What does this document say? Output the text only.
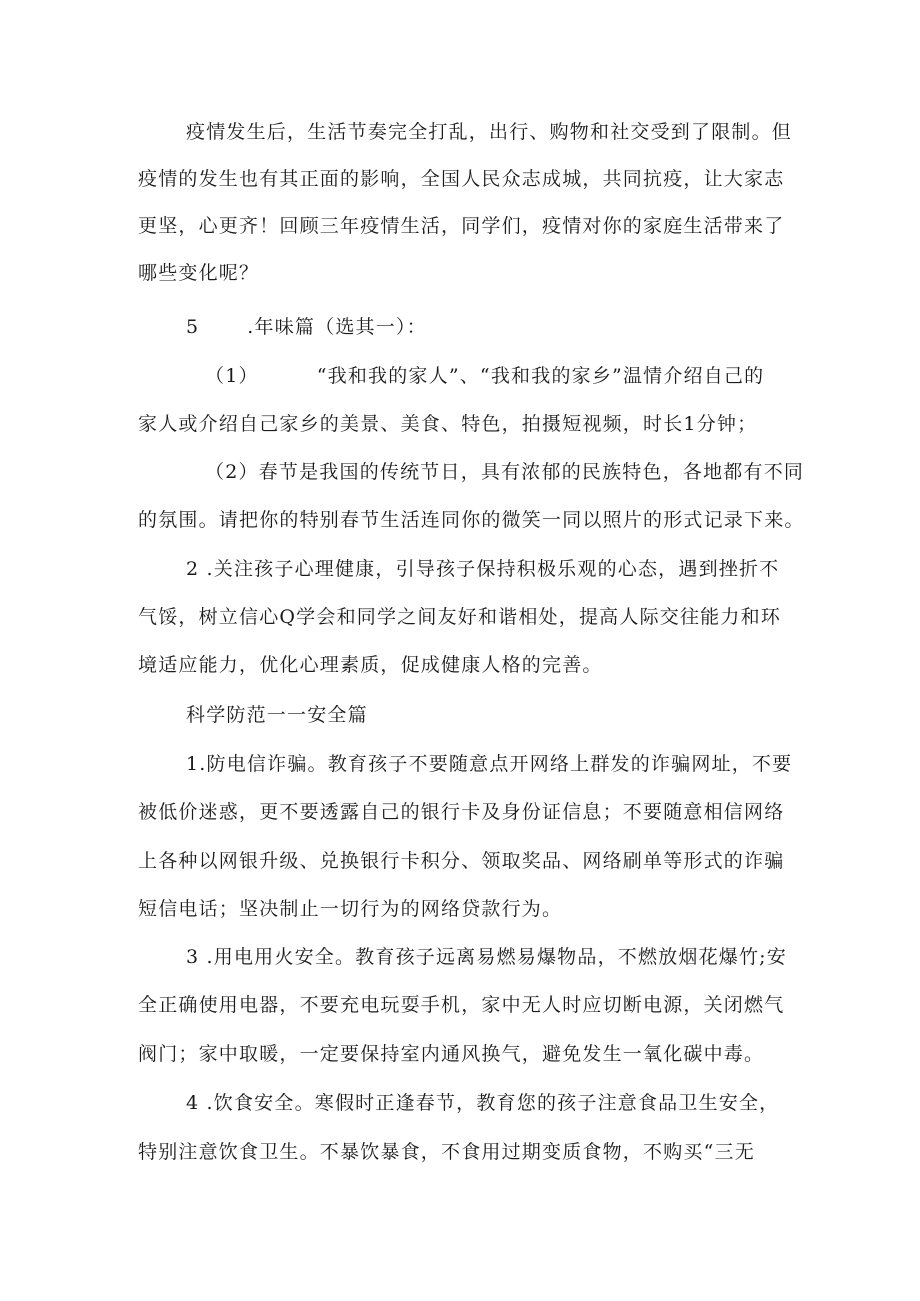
疫情发生后，生活节奏完全打乱，出行、购物和社交受到了限制。但
疫情的发生也有其正面的影响，全国人民众志成城，共同抗疫，让大家志
更坚，心更齐！回顾三年疫情生活，同学们，疫情对你的家庭生活带来了
哪些变化呢？
5	.年味篇（选其一）：
（1）	“我和我的家人”、“我和我的家乡”温情介绍自己的
家人或介绍自己家乡的美景、美食、特色，拍摄短视频，时长1分钟；
（2）春节是我国的传统节日，具有浓郁的民族特色，各地都有不同
的氛围。请把你的特别春节生活连同你的微笑一同以照片的形式记录下来。
2 .关注孩子心理健康，引导孩子保持积极乐观的心态，遇到挫折不
气馁，树立信心Q学会和同学之间友好和谐相处，提高人际交往能力和环
境适应能力，优化心理素质，促成健康人格的完善。
科学防范一一安全篇
1.防电信诈骗。教育孩子不要随意点开网络上群发的诈骗网址，不要
被低价迷惑，更不要透露自己的银行卡及身份证信息；不要随意相信网络
上各种以网银升级、兑换银行卡积分、领取奖品、网络刷单等形式的诈骗
短信电话；坚决制止一切行为的网络贷款行为。
3 .用电用火安全。教育孩子远离易燃易爆物品，不燃放烟花爆竹;安
全正确使用电器，不要充电玩耍手机，家中无人时应切断电源，关闭燃气
阀门；家中取暖，一定要保持室内通风换气，避免发生一氧化碳中毒。
4 .饮食安全。寒假时正逢春节，教育您的孩子注意食品卫生安全，
特别注意饮食卫生。不暴饮暴食，不食用过期变质食物，不购买“三无
